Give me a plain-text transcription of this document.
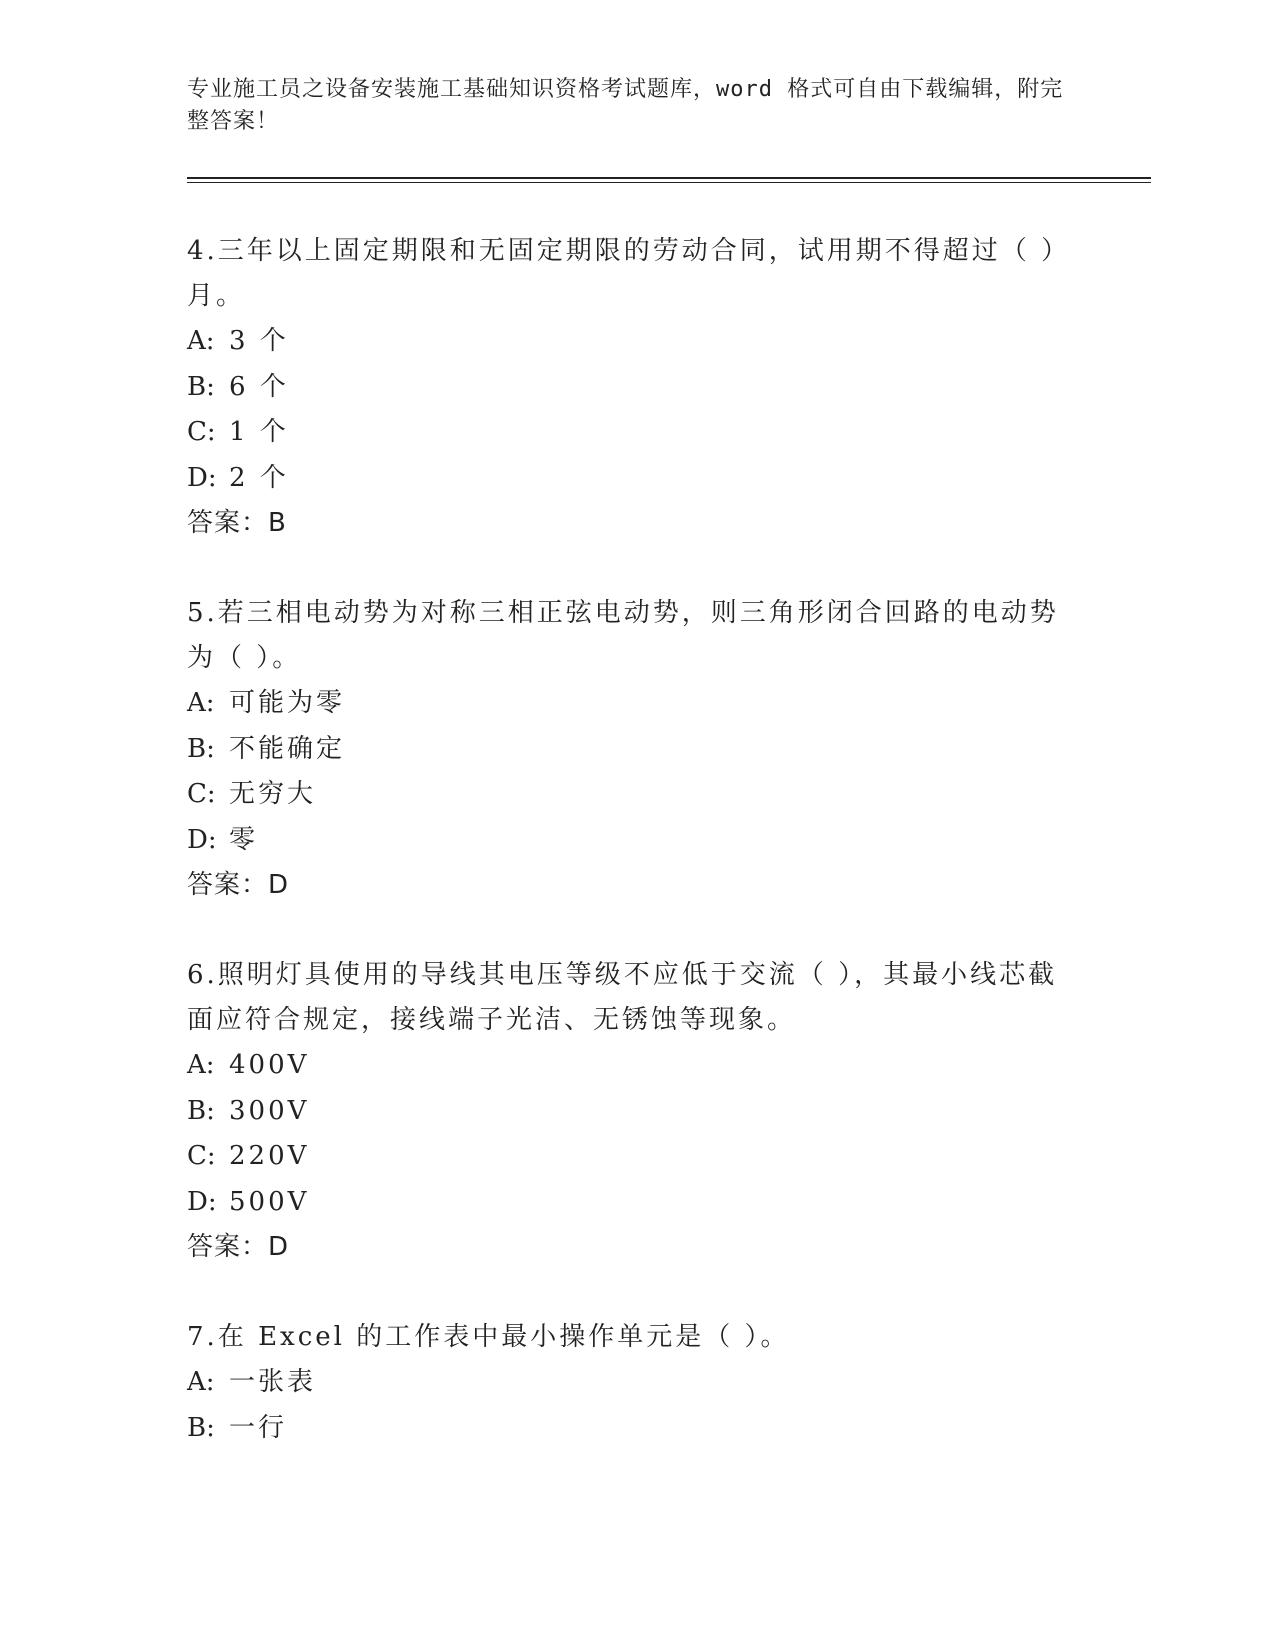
专业施工员之设备安装施工基础知识资格考试题库，word 格式可自由下载编辑，附完整答案！
4.三年以上固定期限和无固定期限的劳动合同，试用期不得超过（ ）月。
A: 3 个
B: 6 个
C: 1 个
D: 2 个
答案：B
5.若三相电动势为对称三相正弦电动势，则三角形闭合回路的电动势为（ ）。
A: 可能为零
B: 不能确定
C: 无穷大
D: 零
答案：D
6.照明灯具使用的导线其电压等级不应低于交流（ ），其最小线芯截面应符合规定，接线端子光洁、无锈蚀等现象。
A: 400V
B: 300V
C: 220V
D: 500V
答案：D
7.在 Excel 的工作表中最小操作单元是（ ）。
A: 一张表
B: 一行
